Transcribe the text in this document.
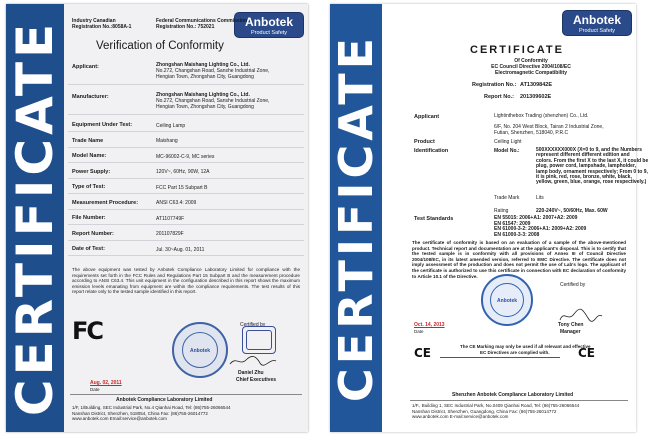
CERTIFICATE	Anbotek
Product Safety
Industry Canadian
Registration No.:8058A-1
Federal Communications Commission
Registration No.: 752021
Verification of Conformity
Applicant:	Zhongshan Maishang Lighting Co., Ltd.
No.272, Changshan Road, Sanshe Industrial Zone,
Hengian Town, Zhongshan City, Guangdong
Manufacturer:	Zhongshan Maishang Lighting Co., Ltd.
No.272, Changshan Road, Sanshe Industrial Zone,
Hengian Town, Zhongshan City, Guangdong
The above equipment was tested by Anbotek Compliance Laboratory Limited for compliance with the requirements set forth in the FCC Rules and Regulations Part 15 Subpart B and the measurement procedure according to ANSI C63.4. This unit equipment in the configuration described in this report shows the maximum emission levels emanating from equipment are within the compliance requirements. The test results of this report relate only to the tested sample identified in this report.
FC	Certified by
Anbotek
Aug. 02, 2011
Date
Daniel Zhu
Chief Executives
Anbotek Compliance Laboratory Limited
1/F, 1/Building, SEC Industrial Park, No.4 Qianhai Road, Tel: (86)755-26066544
Nanshan District, Shenzhen, 518054, China Fax: (86)755-26014772
www.anbotek.com Email:service@anbotek.com
Equipment Under Test:	Ceiling Lamp
Trade Name	Maishang
Model Name:	MC-96002-C-9, MC series
Power Supply:	120V~, 60Hz, 90W, 12A
Type of Test:	FCC Part 15 Subpart B
Measurement Procedure:	ANSI C63.4: 2009
File Number:	AT1107749F
Report Number:	201107829F
Date of Test:	Jul. 30~Aug. 01, 2011	CERTIFICATE
Anbotek
Product Safety
CERTIFICATE
Of Conformity
EC Council Directive 2004/108/EC
Electromagnetic Compatibility
Registration No.: AT1309842E
Report No.: 201309602E
Applicant	Lightinthebox Trading (shenzhen) Co., Ltd.

6/F, No. 204 West Block, Tairan 2 Industrial Zone,
Futian, Shenzhen, 518040, P.R.C
Product	Ceiling Light
Identification	Model No.:	500XXXXXX000X (X=0 to 9, and the Numbers
represent different different edition and
colors. From the first X to the last X, it could be
plug, power cord, lampshade, lampholder,
lamp body, ornament respectively; From 0 to 9,
it is pink, red, rose, bronze, white, black,
yellow, green, blue, orange, rose respectively.)
Trade Mark	Lits
Rating	220-240V~, 50/60Hz, Max. 60W
Test Standards	EN 55015: 2006+A1: 2007+A2: 2009
EN 61547: 2009
EN 61000-3-2: 2006+A1: 2009+A2: 2009
EN 61000-3-3: 2008
The certificate of conformity is based on an evaluation of a sample of the above-mentioned product. Technical report and documentation are at the applicant's disposal. This is to certify that the tested sample is in conformity with all provisions of Annex III of Council Directive 2004/108/EC, in its latest amended version, referred to EMC Directive. The certificate does not imply assessment of the production and does not permit the use of Lab's logo. The applicant of the certificate is authorized to use this certificate in connection with EC declaration of conformity to Article 10.1 of the Directive.
Certified by
Anbotek
Oct. 14, 2013
Date
Tony Chen
Manager
CE	CE
The CE Marking may only be used if all relevant and effective
EC Directives are complied with.
Shenzhen Anbotek Compliance Laboratory Limited
1/F., Building 1, SEC Industrial Park, No.0409 Qianhai Road, Tel: (86)755-26066544
Nanshan District, Shenzhen, Guangdong, China Fax: (86)755-26014772
www.anbotek.com E-mail:service@anbotek.com
